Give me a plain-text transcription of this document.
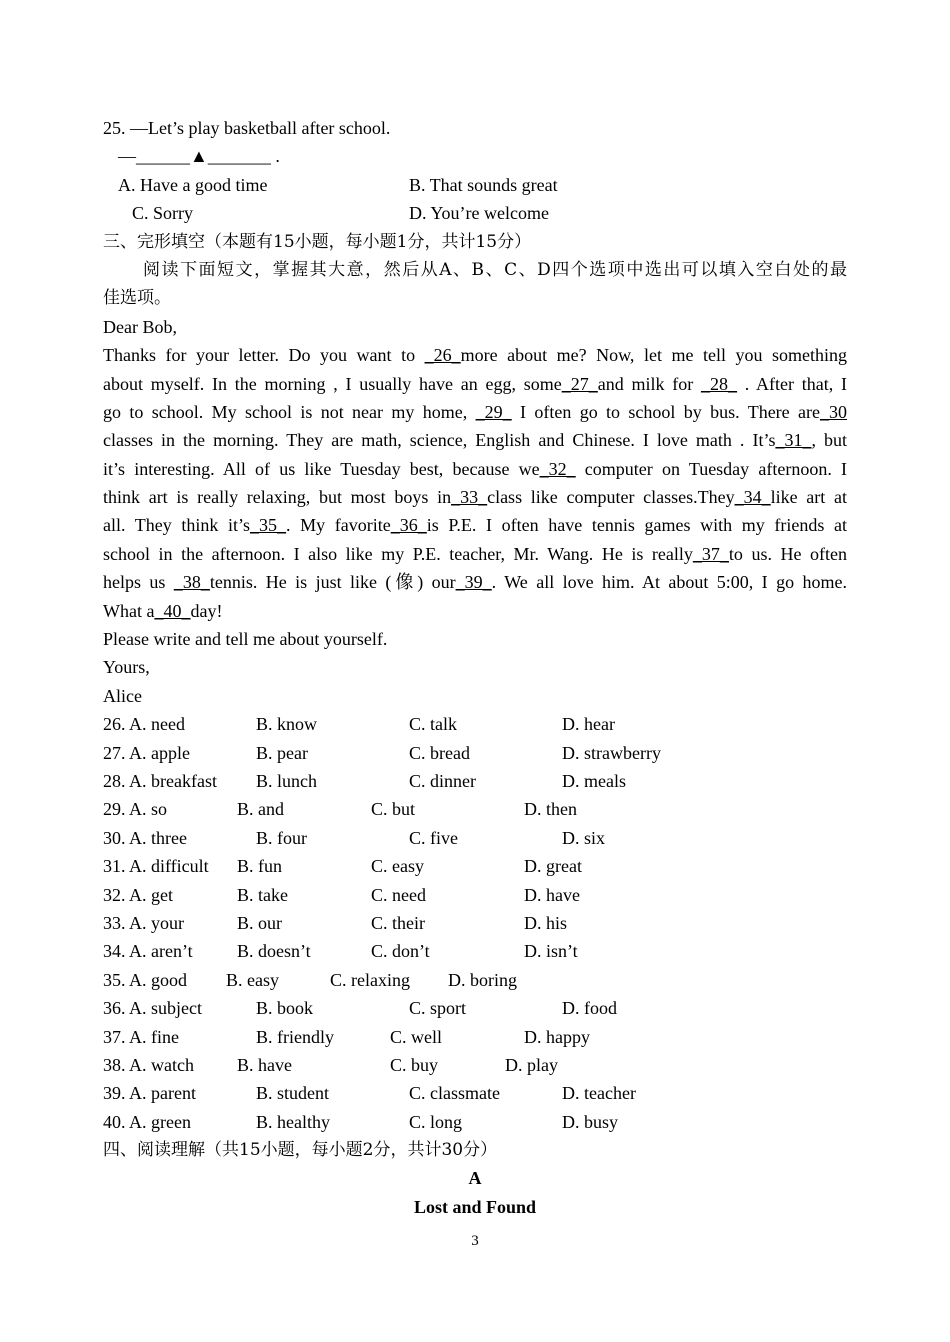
25. —Let’s play basketball after school.
—______▲_______ .
A. Have a good time	B. That sounds great
C. Sorry	D. You’re welcome
三、完形填空（本题有15小题，每小题1分，共计15分）
阅读下面短文，掌握其大意，然后从A、B、C、D四个选项中选出可以填入空白处的最
佳选项。
Dear Bob,
Thanks for your letter. Do you want to _26_more about me? Now, let me tell you something
about myself. In the morning , I usually have an egg, some_27_and milk for _28_ . After that, I
go to school. My school is not near my home, _29_ I often go to school by bus. There are_30
classes in the morning. They are math, science, English and Chinese. I love math . It’s_31_, but
it’s interesting. All of us like Tuesday best, because we_32_ computer on Tuesday afternoon. I
think art is really relaxing, but most boys in_33_class like computer classes.They_34_like art at
all. They think it’s_35_. My favorite_36_is P.E. I often have tennis games with my friends at
school in the afternoon. I also like my P.E. teacher, Mr. Wang. He is really_37_to us. He often
helps us _38_tennis. He is just like (像) our_39_. We all love him. At about 5:00, I go home.
What a_40_day!
Please write and tell me about yourself.
Yours,
Alice
26. A. need	B. know	C. talk	D. hear
27. A. apple	B. pear	C. bread	D. strawberry
28. A. breakfast B. lunch	C. dinner	D. meals
29. A. so	B. and	C. but	D. then
30. A. three	B. four	C. five	D. six
31. A. difficult B. fun	C. easy	D. great
32. A. get	B. take	C. need	D. have
33. A. your	B. our	C. their	D. his
34. A. aren’t B. doesn’t	C. don’t	D. isn’t
35. A. good B. easy	C. relaxing D. boring
36. A. subject	B. book	C. sport	D. food
37. A. fine	B. friendly	C. well	D. happy
38. A. watch B. have	C. buy	D. play
39. A. parent	B. student	C. classmate	D. teacher
40. A. green	B. healthy	C. long	D. busy
四、阅读理解（共15小题，每小题2分，共计30分）
A
Lost and Found
3
